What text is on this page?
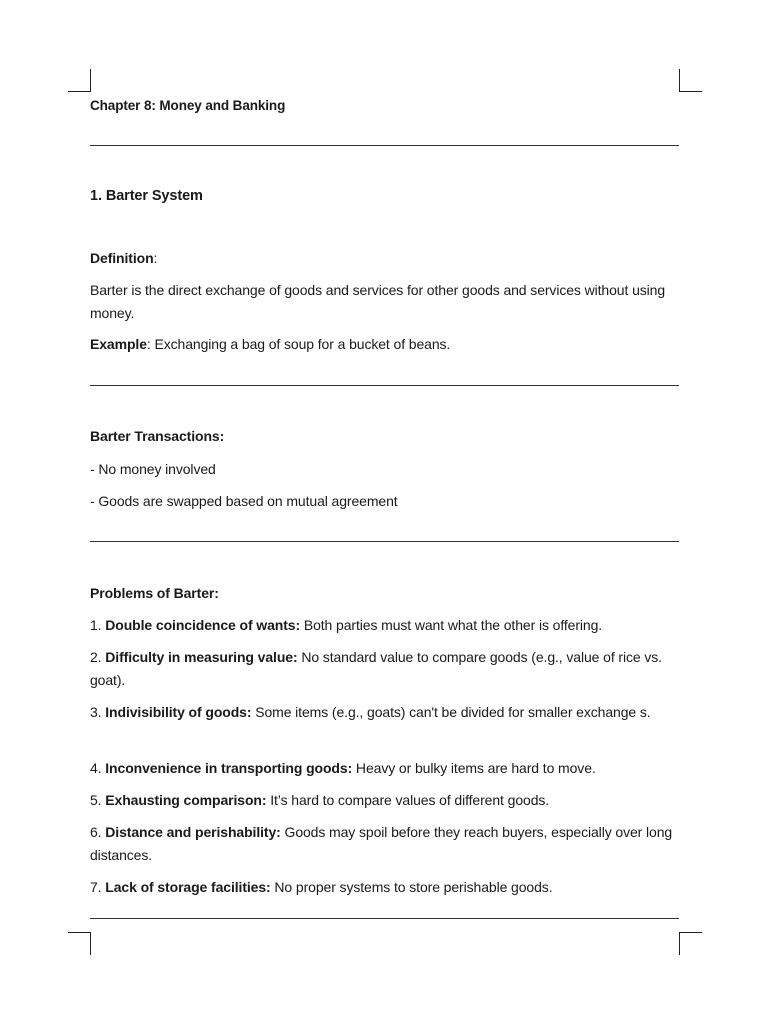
Chapter 8: Money and Banking

1. Barter System

Definition:

Barter is the direct exchange of goods and services for other goods and services without using money.

Example: Exchanging a bag of soup for a bucket of beans.

Barter Transactions:

- No money involved

- Goods are swapped based on mutual agreement

Problems of Barter:

1. Double coincidence of wants: Both parties must want what the other is offering.

2. Difficulty in measuring value: No standard value to compare goods (e.g., value of rice vs. goat).

3. Indivisibility of goods: Some items (e.g., goats) can't be divided for smaller exchange s.

4. Inconvenience in transporting goods: Heavy or bulky items are hard to move.

5. Exhausting comparison: It’s hard to compare values of different goods.

6. Distance and perishability: Goods may spoil before they reach buyers, especially over long distances.

7. Lack of storage facilities: No proper systems to store perishable goods.
